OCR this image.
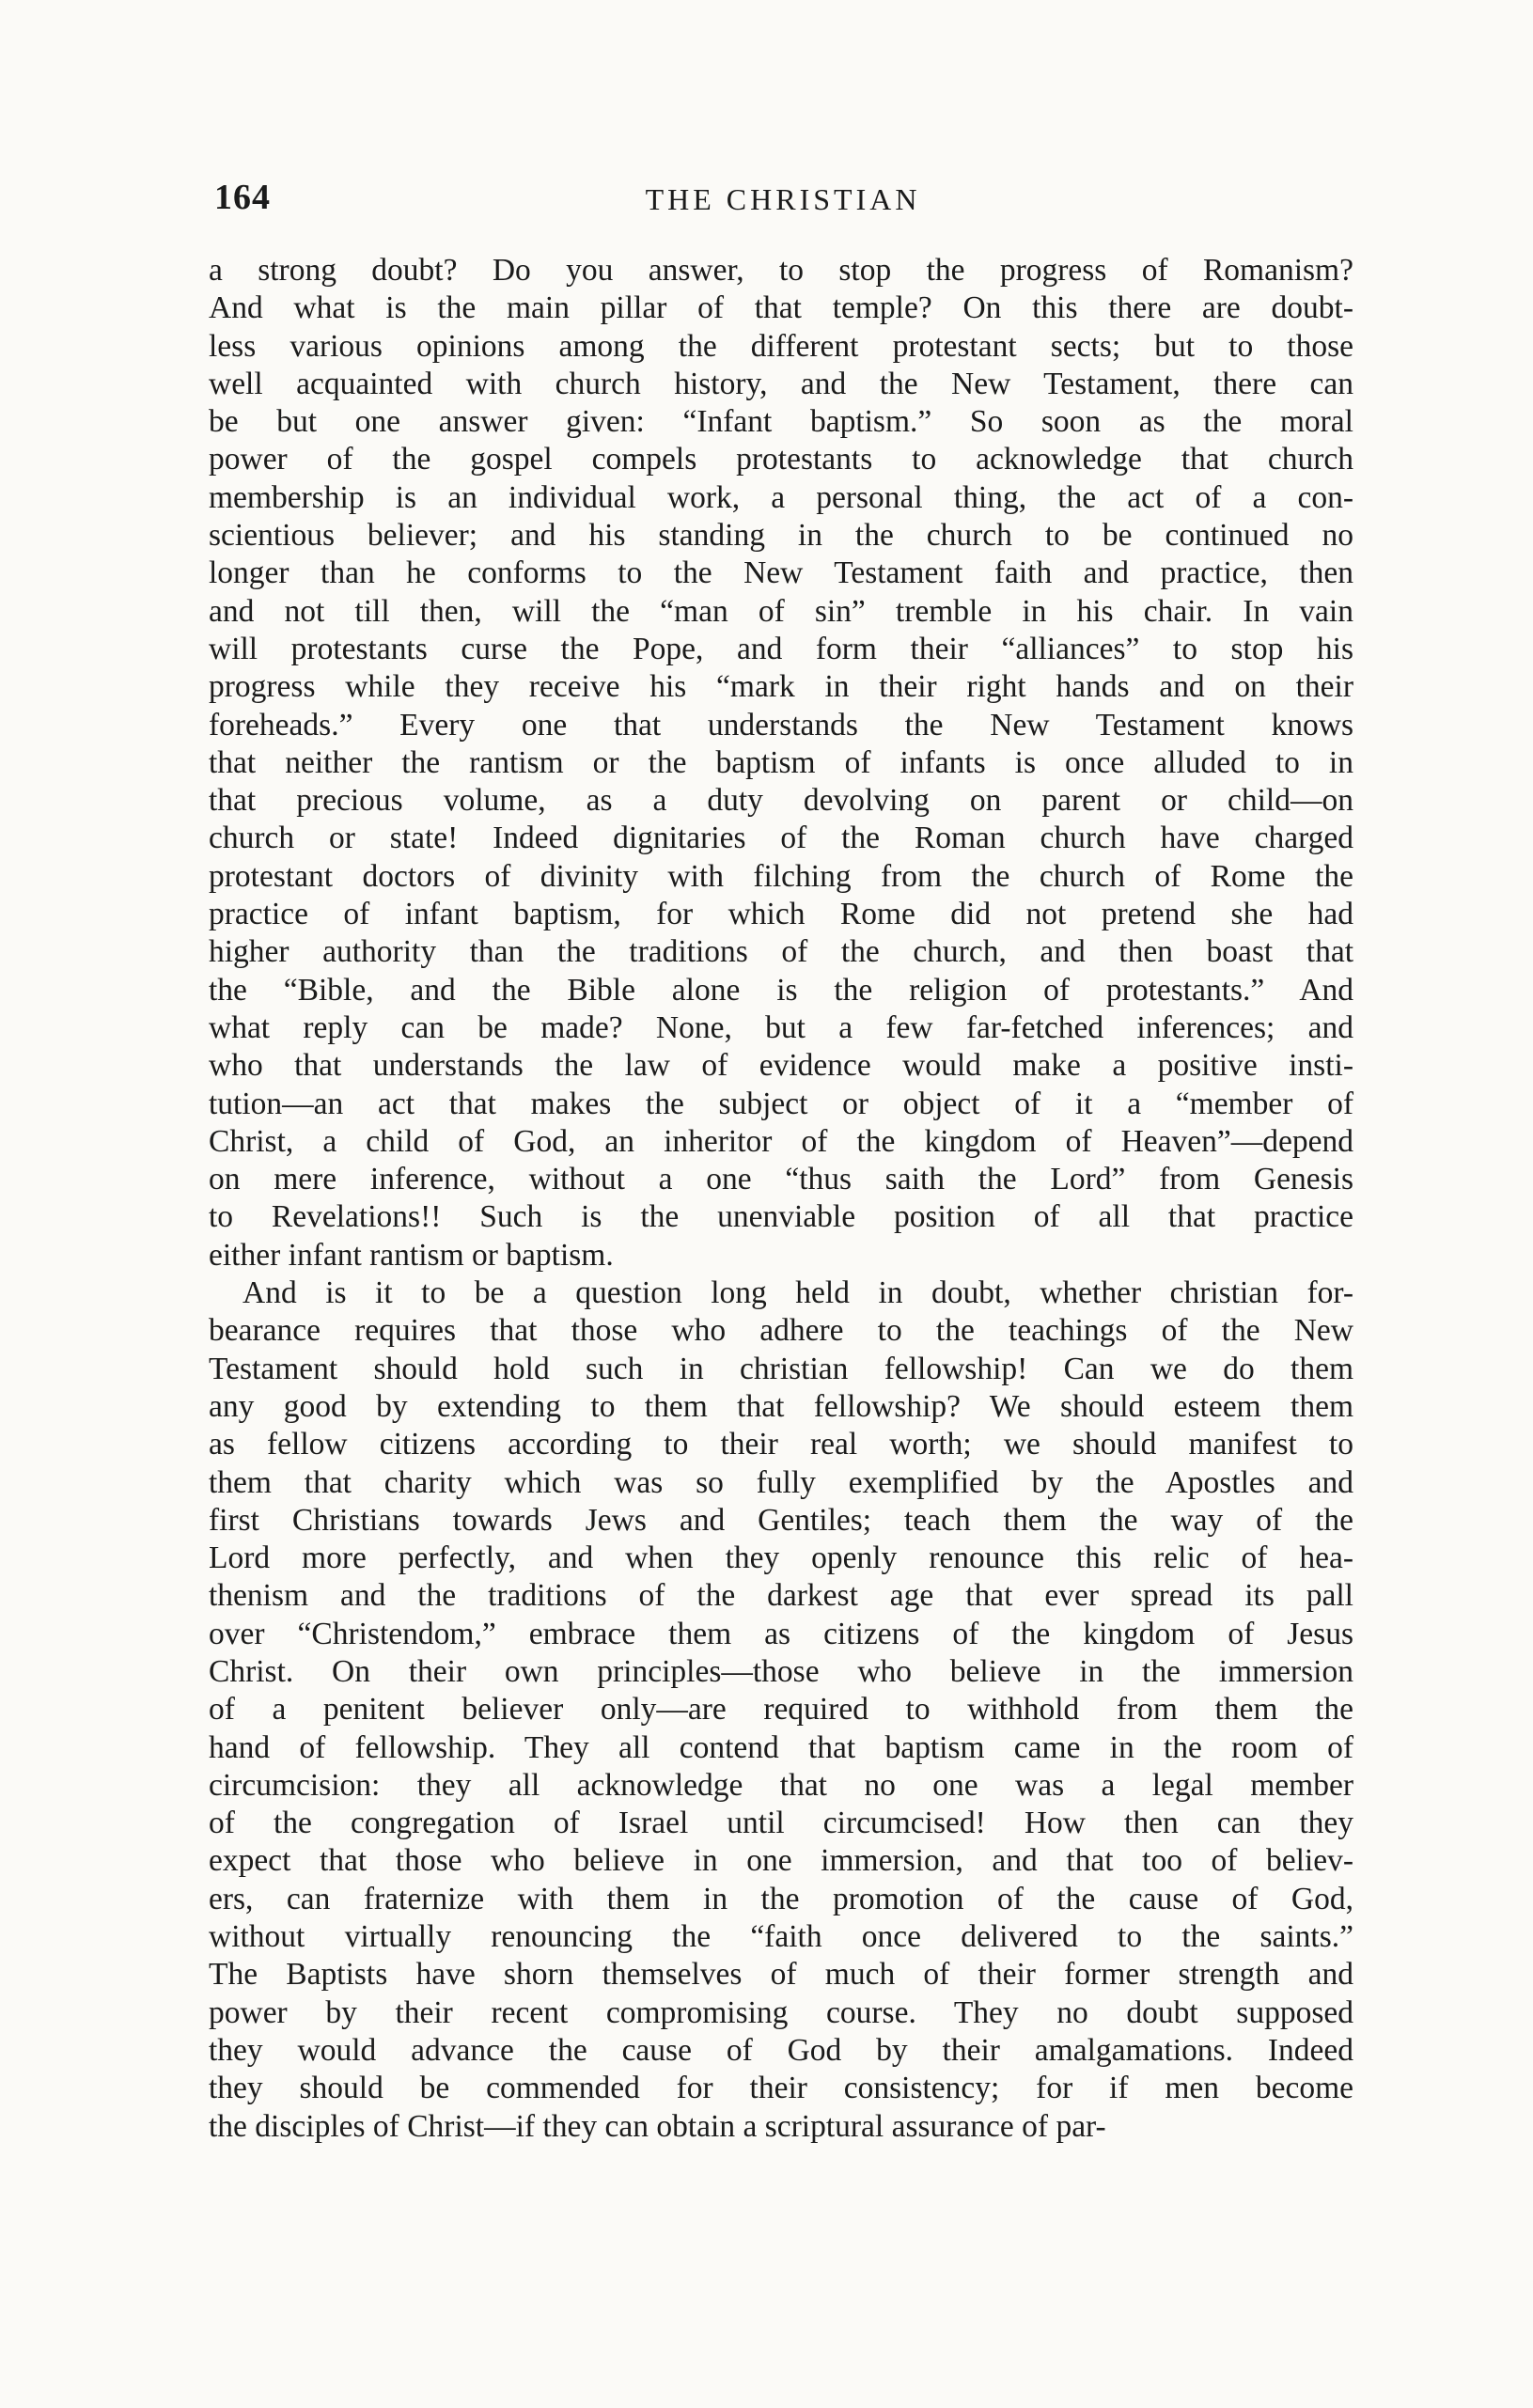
164	THE CHRISTIAN
a strong doubt? Do you answer, to stop the progress of Romanism?
And what is the main pillar of that temple? On this there are doubt-
less various opinions among the different protestant sects; but to those
well acquainted with church history, and the New Testament, there can
be but one answer given: “Infant baptism.” So soon as the moral
power of the gospel compels protestants to acknowledge that church
membership is an individual work, a personal thing, the act of a con-
scientious believer; and his standing in the church to be continued no
longer than he conforms to the New Testament faith and practice, then
and not till then, will the “man of sin” tremble in his chair. In vain
will protestants curse the Pope, and form their “alliances” to stop his
progress while they receive his “mark in their right hands and on their
foreheads.” Every one that understands the New Testament knows
that neither the rantism or the baptism of infants is once alluded to in
that precious volume, as a duty devolving on parent or child—on
church or state! Indeed dignitaries of the Roman church have charged
protestant doctors of divinity with filching from the church of Rome the
practice of infant baptism, for which Rome did not pretend she had
higher authority than the traditions of the church, and then boast that
the “Bible, and the Bible alone is the religion of protestants.” And
what reply can be made? None, but a few far-fetched inferences; and
who that understands the law of evidence would make a positive insti-
tution—an act that makes the subject or object of it a “member of
Christ, a child of God, an inheritor of the kingdom of Heaven”—depend
on mere inference, without a one “thus saith the Lord” from Genesis
to Revelations!! Such is the unenviable position of all that practice
either infant rantism or baptism.
And is it to be a question long held in doubt, whether christian for-
bearance requires that those who adhere to the teachings of the New
Testament should hold such in christian fellowship! Can we do them
any good by extending to them that fellowship? We should esteem them
as fellow citizens according to their real worth; we should manifest to
them that charity which was so fully exemplified by the Apostles and
first Christians towards Jews and Gentiles; teach them the way of the
Lord more perfectly, and when they openly renounce this relic of hea-
thenism and the traditions of the darkest age that ever spread its pall
over “Christendom,” embrace them as citizens of the kingdom of Jesus
Christ. On their own principles—those who believe in the immersion
of a penitent believer only—are required to withhold from them the
hand of fellowship. They all contend that baptism came in the room of
circumcision: they all acknowledge that no one was a legal member
of the congregation of Israel until circumcised! How then can they
expect that those who believe in one immersion, and that too of believ-
ers, can fraternize with them in the promotion of the cause of God,
without virtually renouncing the “faith once delivered to the saints.”
The Baptists have shorn themselves of much of their former strength and
power by their recent compromising course. They no doubt supposed
they would advance the cause of God by their amalgamations. Indeed
they should be commended for their consistency; for if men become
the disciples of Christ—if they can obtain a scriptural assurance of par-
